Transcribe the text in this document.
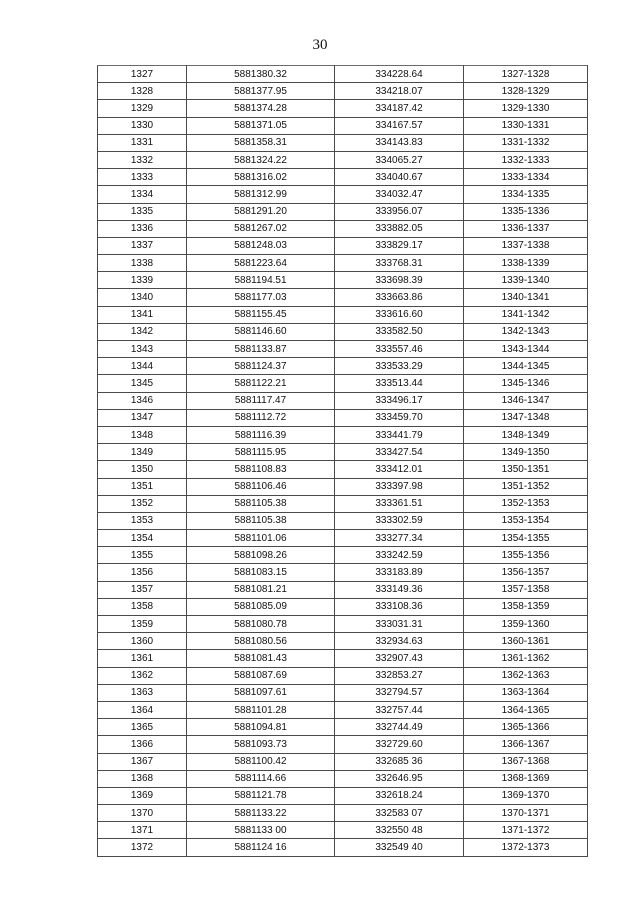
30
1327	5881380.32	334228.64	1327-1328
1328	5881377.95	334218.07	1328-1329
1329	5881374.28	334187.42	1329-1330
1330	5881371.05	334167.57	1330-1331
1331	5881358.31	334143.83	1331-1332
1332	5881324.22	334065.27	1332-1333
1333	5881316.02	334040.67	1333-1334
1334	5881312.99	334032.47	1334-1335
1335	5881291.20	333956.07	1335-1336
1336	5881267.02	333882.05	1336-1337
1337	5881248.03	333829.17	1337-1338
1338	5881223.64	333768.31	1338-1339
1339	5881194.51	333698.39	1339-1340
1340	5881177.03	333663.86	1340-1341
1341	5881155.45	333616.60	1341-1342
1342	5881146.60	333582.50	1342-1343
1343	5881133.87	333557.46	1343-1344
1344	5881124.37	333533.29	1344-1345
1345	5881122.21	333513.44	1345-1346
1346	5881117.47	333496.17	1346-1347
1347	5881112.72	333459.70	1347-1348
1348	5881116.39	333441.79	1348-1349
1349	5881115.95	333427.54	1349-1350
1350	5881108.83	333412.01	1350-1351
1351	5881106.46	333397.98	1351-1352
1352	5881105.38	333361.51	1352-1353
1353	5881105.38	333302.59	1353-1354
1354	5881101.06	333277.34	1354-1355
1355	5881098.26	333242.59	1355-1356
1356	5881083.15	333183.89	1356-1357
1357	5881081.21	333149.36	1357-1358
1358	5881085.09	333108.36	1358-1359
1359	5881080.78	333031.31	1359-1360
1360	5881080.56	332934.63	1360-1361
1361	5881081.43	332907.43	1361-1362
1362	5881087.69	332853.27	1362-1363
1363	5881097.61	332794.57	1363-1364
1364	5881101.28	332757.44	1364-1365
1365	5881094.81	332744.49	1365-1366
1366	5881093.73	332729.60	1366-1367
1367	5881100.42	332685 36	1367-1368
1368	5881114.66	332646.95	1368-1369
1369	5881121.78	332618.24	1369-1370
1370	5881133.22	332583 07	1370-1371
1371	5881133 00	332550 48	1371-1372
1372	5881124 16	332549 40	1372-1373
